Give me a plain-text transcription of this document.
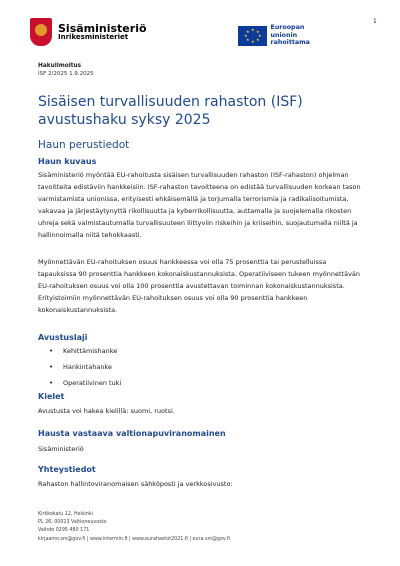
Sisäministeriö
Inrikesministeriet
★ ★
★
★
★
★
★
★	Euroopan unionin
rahoittama
1
Hakuilmoitus
ISF 2/2025 1.9.2025
Sisäisen turvallisuuden rahaston (ISF) avustushaku syksy 2025
Haun perustiedot
Haun kuvaus
Sisäministeriö myöntää EU-rahoitusta sisäisen turvallisuuden rahaston (ISF-rahaston) ohjelman tavoitteita edistäviin hankkeisiin. ISF-rahaston tavoitteena on edistää turvallisuuden korkean tason varmistamista unionissa, erityisesti ehkäisemällä ja torjumalla terrorismia ja radikalisoitumista, vakavaa ja järjestäytynyttä rikollisuutta ja kyberrikollisuutta, auttamalla ja suojelemalla rikosten uhreja sekä valmistautumalla turvallisuuteen liittyviin riskeihin ja kriiseihin, suojautumalla niiltä ja hallinnoimalla niitä tehokkaasti.
Myönnettävän EU-rahoituksen osuus hankkeessa voi olla 75 prosenttia tai perustelluissa tapauksissa 90 prosenttia hankkeen kokonaiskustannuksista. Operatiiviseen tukeen myönnettävän EU-rahoituksen osuus voi olla 100 prosenttia avustettavan toiminnan kokonaiskustannuksista. Erityistoimiin myönnettävän EU-rahoituksen osuus voi olla 90 prosenttia hankkeen kokonaiskustannuksista.
Avustuslaji
• Kehittämishanke
• Hankintahanke
• Operatiivinen tuki
Kielet
Avustusta voi hakea kielillä: suomi, ruotsi.
Hausta vastaava valtionapuviranomainen
Sisäministeriö
Yhteystiedot
Rahaston hallintoviranomaisen sähköposti ja verkkosivusto:
Kirkkokatu 12, Helsinki
PL 26, 00023 Valtioneuvosto
Vaihde 0295 480 171
kirjaamo.sm@gov.fi | www.intermin.fi | www.eurahastot2021.fi | eura.sm@gov.fi
